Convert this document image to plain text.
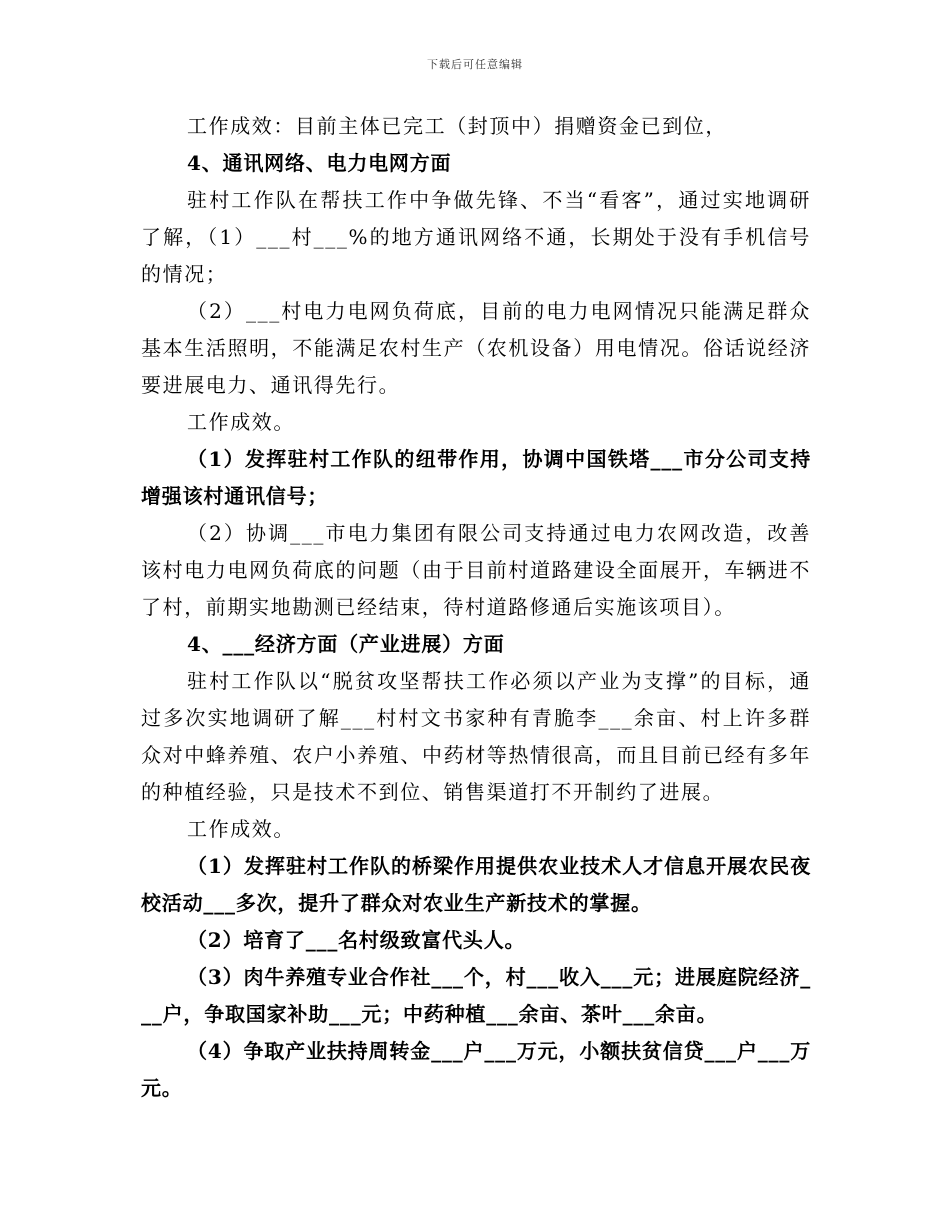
下载后可任意编辑

工作成效：目前主体已完工（封顶中）捐赠资金已到位，

4、通讯网络、电力电网方面

驻村工作队在帮扶工作中争做先锋、不当“看客”，通过实地调研了解，（1）___村___%的地方通讯网络不通，长期处于没有手机信号的情况；

（2）___村电力电网负荷底，目前的电力电网情况只能满足群众基本生活照明，不能满足农村生产（农机设备）用电情况。俗话说经济要进展电力、通讯得先行。

工作成效。

（1）发挥驻村工作队的纽带作用，协调中国铁塔___市分公司支持增强该村通讯信号；

（2）协调___市电力集团有限公司支持通过电力农网改造，改善该村电力电网负荷底的问题（由于目前村道路建设全面展开，车辆进不了村，前期实地勘测已经结束，待村道路修通后实施该项目）。

4、___经济方面（产业进展）方面

驻村工作队以“脱贫攻坚帮扶工作必须以产业为支撑”的目标，通过多次实地调研了解___村村文书家种有青脆李___余亩、村上许多群众对中蜂养殖、农户小养殖、中药材等热情很高，而且目前已经有多年的种植经验，只是技术不到位、销售渠道打不开制约了进展。

工作成效。

（1）发挥驻村工作队的桥梁作用提供农业技术人才信息开展农民夜校活动___多次，提升了群众对农业生产新技术的掌握。

（2）培育了___名村级致富代头人。

（3）肉牛养殖专业合作社___个，村___收入___元；进展庭院经济___户，争取国家补助___元；中药种植___余亩、茶叶___余亩。

（4）争取产业扶持周转金___户___万元，小额扶贫信贷___户___万元。
